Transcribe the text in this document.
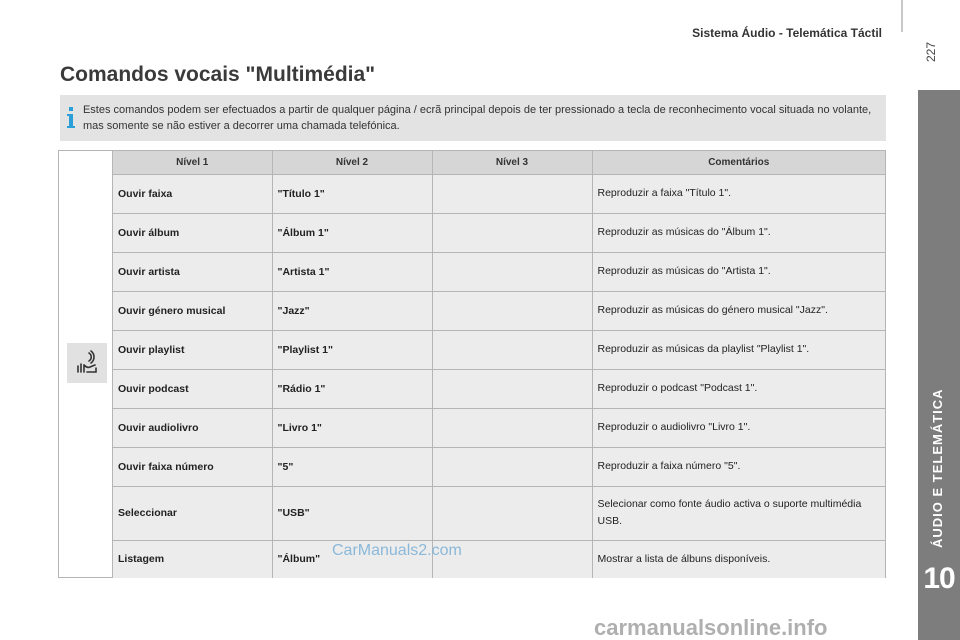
Sistema Áudio - Telemática Táctil
227
ÁUDIO E TELEMÁTICA
10
Comandos vocais "Multimédia"
Estes comandos podem ser efectuados a partir de qualquer página / ecrã principal depois de ter pressionado a tecla de reconhecimento vocal situada no volante, mas somente se não estiver a decorrer uma chamada telefónica.
Nível 1	Nível 2	Nível 3	Comentários
Ouvir faixa	"Título 1"		Reproduzir a faixa "Título 1".
Ouvir álbum	"Álbum 1"		Reproduzir as músicas do "Álbum 1".
Ouvir artista	"Artista 1"		Reproduzir as músicas do "Artista 1".
Ouvir género musical	"Jazz"		Reproduzir as músicas do género musical "Jazz".
Ouvir playlist	"Playlist 1"		Reproduzir as músicas da playlist "Playlist 1".
Ouvir podcast	"Rádio 1"		Reproduzir o podcast "Podcast 1".
Ouvir audiolivro	"Livro 1"		Reproduzir o audiolivro "Livro 1".
Ouvir faixa número	"5"		Reproduzir a faixa número "5".
Seleccionar	"USB"		Selecionar como fonte áudio activa o suporte multimédia USB.
Listagem	"Álbum"		Mostrar a lista de álbuns disponíveis.
CarManuals2.com
carmanualsonline.info
